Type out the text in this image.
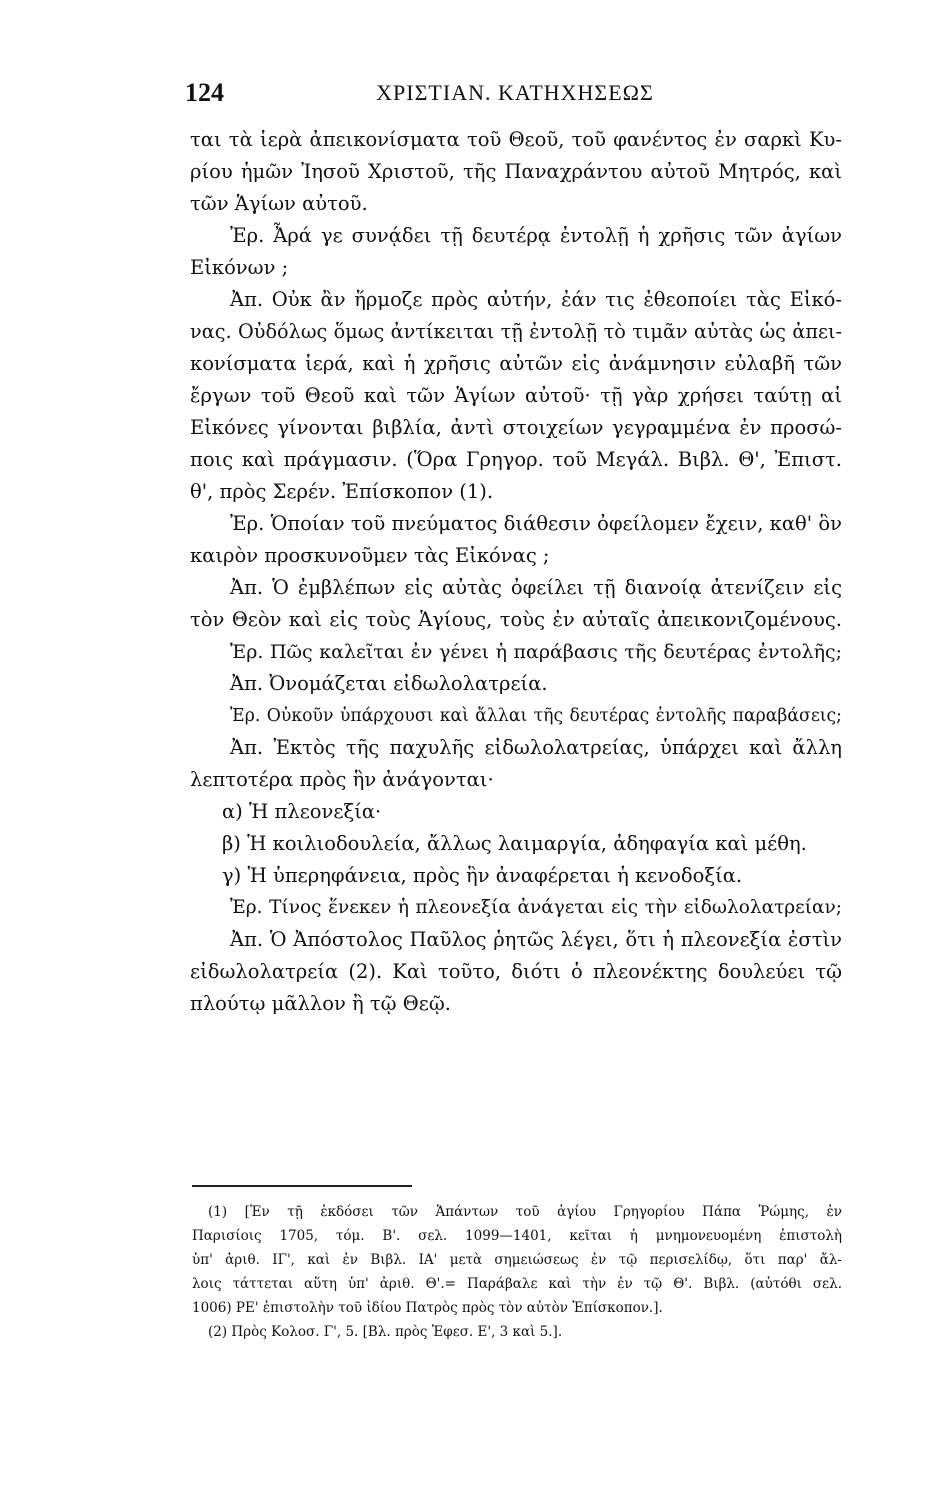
124	ΧΡΙΣΤΙΑΝ. ΚΑΤΗΧΗΣΕΩΣ
ται τὰ ἱερὰ ἀπεικονίσματα τοῦ Θεοῦ, τοῦ φανέντος ἐν σαρκὶ Κυ-
ρίου ἡμῶν Ἰησοῦ Χριστοῦ, τῆς Παναχράντου αὐτοῦ Μητρός, καὶ
τῶν Ἁγίων αὐτοῦ.
Ἐρ. Ἆρά γε συνᾴδει τῇ δευτέρᾳ ἐντολῇ ἡ χρῆσις τῶν ἁγίων
Εἰκόνων ;
Ἀπ. Οὐκ ἂν ἥρμοζε πρὸς αὐτήν, ἐάν τις ἐθεοποίει τὰς Εἰκό-
νας. Οὐδόλως ὅμως ἀντίκειται τῇ ἐντολῇ τὸ τιμᾶν αὐτὰς ὡς ἀπει-
κονίσματα ἱερά, καὶ ἡ χρῆσις αὐτῶν εἰς ἀνάμνησιν εὐλαβῆ τῶν
ἔργων τοῦ Θεοῦ καὶ τῶν Ἁγίων αὐτοῦ· τῇ γὰρ χρήσει ταύτῃ αἱ
Εἰκόνες γίνονται βιβλία, ἀντὶ στοιχείων γεγραμμένα ἐν προσώ-
ποις καὶ πράγμασιν. (Ὅρα Γρηγορ. τοῦ Μεγάλ. Βιβλ. Θ', Ἐπιστ.
θ', πρὸς Σερέν. Ἐπίσκοπον (1).
Ἐρ. Ὁποίαν τοῦ πνεύματος διάθεσιν ὀφείλομεν ἔχειν, καθ' ὃν
καιρὸν προσκυνοῦμεν τὰς Εἰκόνας ;
Ἀπ. Ὁ ἐμβλέπων εἰς αὐτὰς ὀφείλει τῇ διανοίᾳ ἀτενίζειν εἰς
τὸν Θεὸν καὶ εἰς τοὺς Ἁγίους, τοὺς ἐν αὐταῖς ἀπεικονιζομένους.
Ἐρ. Πῶς καλεῖται ἐν γένει ἡ παράβασις τῆς δευτέρας ἐντολῆς;
Ἀπ. Ὀνομάζεται εἰδωλολατρεία.
Ἐρ. Οὐκοῦν ὑπάρχουσι καὶ ἄλλαι τῆς δευτέρας ἐντολῆς παραβάσεις;
Ἀπ. Ἐκτὸς τῆς παχυλῆς εἰδωλολατρείας, ὑπάρχει καὶ ἄλλη
λεπτοτέρα πρὸς ἣν ἀνάγονται·
α) Ἡ πλεονεξία·
β) Ἡ κοιλιοδουλεία, ἄλλως λαιμαργία, ἀδηφαγία καὶ μέθη.
γ) Ἡ ὑπερηφάνεια, πρὸς ἣν ἀναφέρεται ἡ κενοδοξία.
Ἐρ. Τίνος ἕνεκεν ἡ πλεονεξία ἀνάγεται εἰς τὴν εἰδωλολατρείαν;
Ἀπ. Ὁ Ἀπόστολος Παῦλος ῥητῶς λέγει, ὅτι ἡ πλεονεξία ἐστὶν
εἰδωλολατρεία (2). Καὶ τοῦτο, διότι ὁ πλεονέκτης δουλεύει τῷ
πλούτῳ μᾶλλον ἢ τῷ Θεῷ.
(1) [Ἐν τῇ ἐκδόσει τῶν Ἁπάντων τοῦ ἁγίου Γρηγορίου Πάπα Ῥώμης, ἐν
Παρισίοις 1705, τόμ. Β'. σελ. 1099—1401, κεῖται ἡ μνημονευομένη ἐπιστολὴ
ὑπ' ἀριθ. ΙΓ', καὶ ἐν Βιβλ. ΙΑ' μετὰ σημειώσεως ἐν τῷ περισελίδῳ, ὅτι παρ' ἄλ-
λοις τάττεται αὕτη ὑπ' ἀριθ. Θ'.= Παράβαλε καὶ τὴν ἐν τῷ Θ'. Βιβλ. (αὐτόθι σελ.
1006) ΡΕ' ἐπιστολὴν τοῦ ἰδίου Πατρὸς πρὸς τὸν αὐτὸν Ἐπίσκοπον.].
(2) Πρὸς Κολοσ. Γ', 5. [Βλ. πρὸς Ἐφεσ. Ε', 3 καὶ 5.].
